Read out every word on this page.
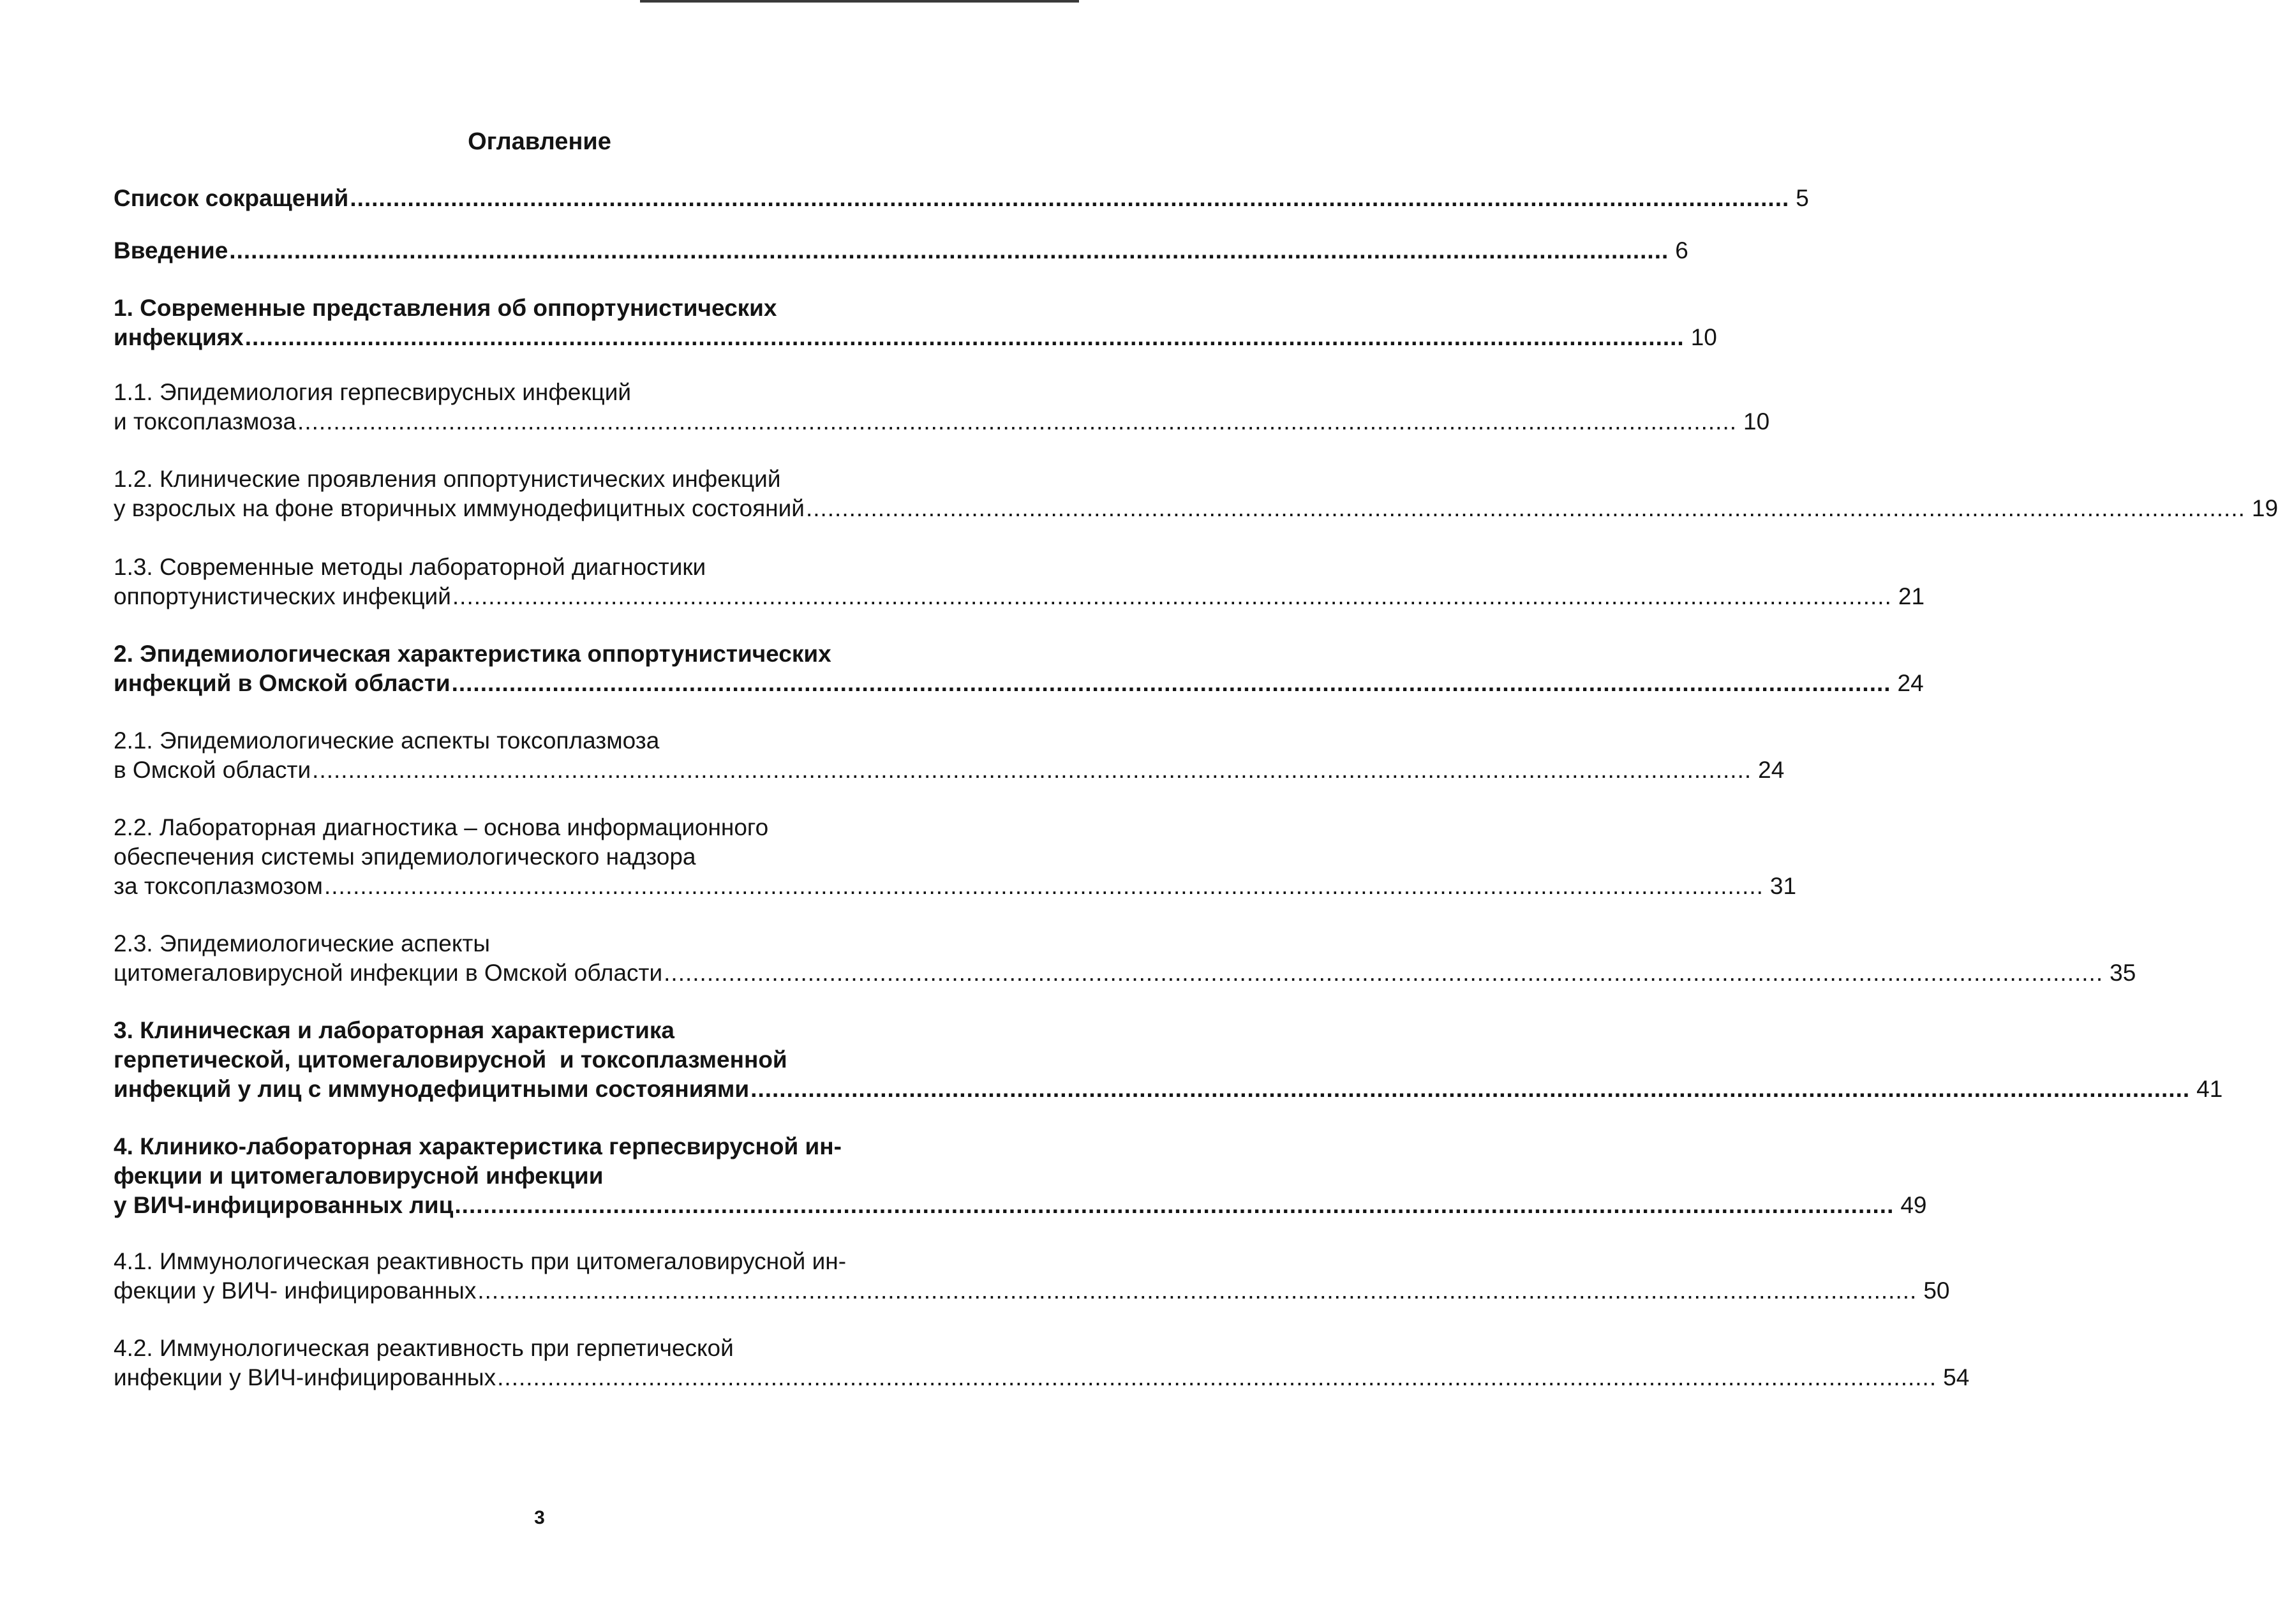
Оглавление
Список сокращений ........................................................................................................................................................................................................ 5
Введение ........................................................................................................................................................................................................ 6
1. Современные представления об оппортунистических
инфекциях ........................................................................................................................................................................................................ 10
1.1. Эпидемиология герпесвирусных инфекций
и токсоплазмоза ........................................................................................................................................................................................................ 10
1.2. Клинические проявления оппортунистических инфекций
у взрослых на фоне вторичных иммунодефицитных состояний ........................................................................................................................................................................................................ 19
1.3. Современные методы лабораторной диагностики
оппортунистических инфекций ........................................................................................................................................................................................................ 21
2. Эпидемиологическая характеристика оппортунистических
инфекций в Омской области ........................................................................................................................................................................................................ 24
2.1. Эпидемиологические аспекты токсоплазмоза
в Омской области ........................................................................................................................................................................................................ 24
2.2. Лабораторная диагностика – основа информационного
обеспечения системы эпидемиологического надзора
за токсоплазмозом ........................................................................................................................................................................................................ 31
2.3. Эпидемиологические аспекты
цитомегаловирусной инфекции в Омской области ........................................................................................................................................................................................................ 35
3. Клиническая и лабораторная характеристика
герпетической, цитомегаловирусной  и токсоплазменной
инфекций у лиц с иммунодефицитными состояниями ........................................................................................................................................................................................................ 41
4. Клинико-лабораторная характеристика герпесвирусной ин-
фекции и цитомегаловирусной инфекции
у ВИЧ-инфицированных лиц ........................................................................................................................................................................................................ 49
4.1. Иммунологическая реактивность при цитомегаловирусной ин-
фекции у ВИЧ- инфицированных ........................................................................................................................................................................................................ 50
4.2. Иммунологическая реактивность при герпетической
инфекции у ВИЧ-инфицированных ........................................................................................................................................................................................................ 54
3
